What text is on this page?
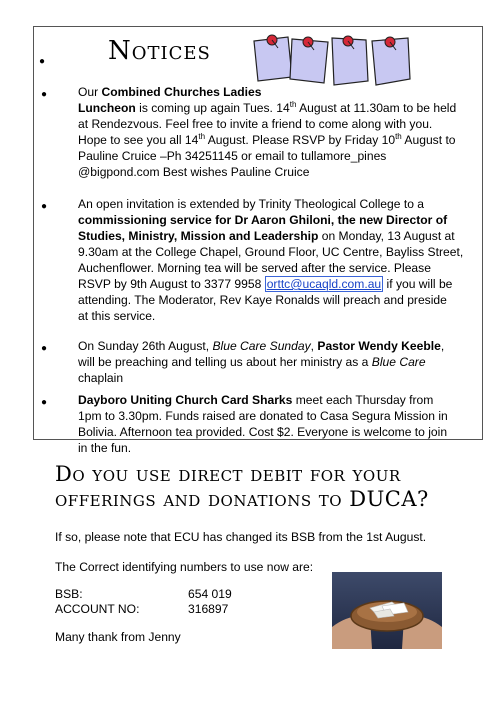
● Notices
●	Our Combined Churches Ladies
Luncheon is coming up again Tues. 14th August at 11.30am to be held
at Rendezvous. Feel free to invite a friend to come along with you.
Hope to see you all 14th August. Please RSVP by Friday 10th August to
Pauline Cruice –Ph 34251145 or email to tullamore_pines
@bigpond.com Best wishes Pauline Cruice
●	An open invitation is extended by Trinity Theological College to a
commissioning service for Dr Aaron Ghiloni, the new Director of
Studies, Ministry, Mission and Leadership on Monday, 13 August at
9.30am at the College Chapel, Ground Floor, UC Centre, Bayliss Street,
Auchenflower. Morning tea will be served after the service. Please
RSVP by 9th August to 3377 9958 orttc@ucaqld.com.au if you will be
attending. The Moderator, Rev Kaye Ronalds will preach and preside
at this service.
●	On Sunday 26th August, Blue Care Sunday, Pastor Wendy Keeble,
will be preaching and telling us about her ministry as a Blue Care
chaplain
●	Dayboro Uniting Church Card Sharks meet each Thursday from
1pm to 3.30pm. Funds raised are donated to Casa Segura Mission in
Bolivia. Afternoon tea provided. Cost $2. Everyone is welcome to join
in the fun.
Do you use direct debit for your
offerings and donations to DUCA?
If so, please note that ECU has changed its BSB from the 1st August.
The Correct identifying numbers to use now are:
BSB:	654 019
ACCOUNT NO:	316897
Many thank from Jenny
